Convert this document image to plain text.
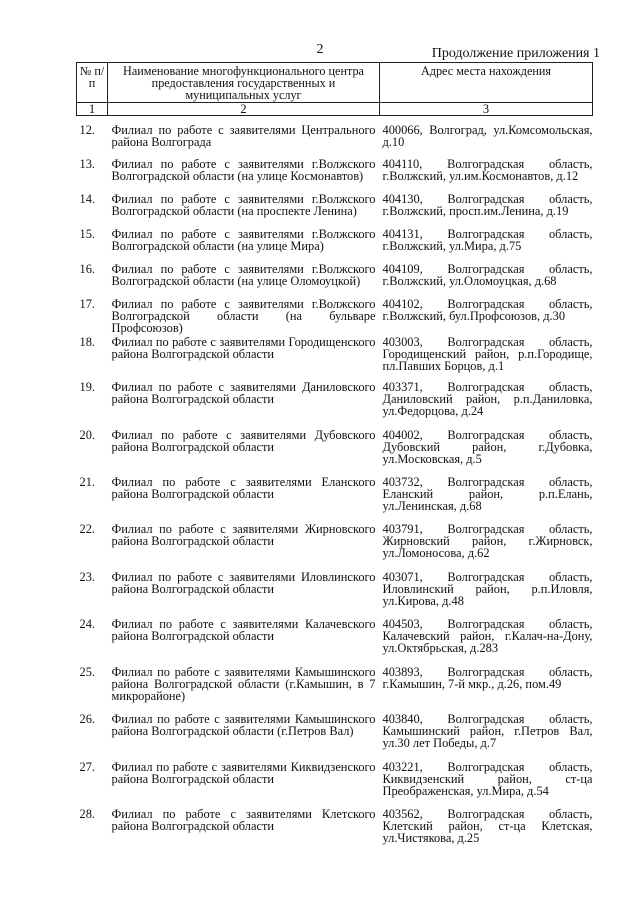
2	Продолжение приложения 1
№ п/п	Наименование многофункционального центра предоставления государственных и муниципальных услуг	Адрес места нахождения
1	2	3
12.	Филиал по работе с заявителями Центрального района Волгограда	400066, Волгоград, ул.Комсомольская, д.10
13.	Филиал по работе с заявителями г.Волжского Волгоградской области (на улице Космонавтов)	404110, Волгоградская область, г.Волжский, ул.им.Космонавтов, д.12
14.	Филиал по работе с заявителями г.Волжского Волгоградской области (на проспекте Ленина)	404130, Волгоградская область, г.Волжский, просп.им.Ленина, д.19
15.	Филиал по работе с заявителями г.Волжского Волгоградской области (на улице Мира)	404131, Волгоградская область, г.Волжский, ул.Мира, д.75
16.	Филиал по работе с заявителями г.Волжского Волгоградской области (на улице Оломоуцкой)	404109, Волгоградская область, г.Волжский, ул.Оломоуцкая, д.68
17.	Филиал по работе с заявителями г.Волжского Волгоградской области (на бульваре Профсоюзов)	404102, Волгоградская область, г.Волжский, бул.Профсоюзов, д.30
18.	Филиал по работе с заявителями Городищенского района Волгоградской области	403003, Волгоградская область, Городищенский район, р.п.Городище, пл.Павших Борцов, д.1
19.	Филиал по работе с заявителями Даниловского района Волгоградской области	403371, Волгоградская область, Даниловский район, р.п.Даниловка, ул.Федорцова, д.24
20.	Филиал по работе с заявителями Дубовского района Волгоградской области	404002, Волгоградская область, Дубовский район, г.Дубовка, ул.Московская, д.5
21.	Филиал по работе с заявителями Еланского района Волгоградской области	403732, Волгоградская область, Еланский район, р.п.Елань, ул.Ленинская, д.68
22.	Филиал по работе с заявителями Жирновского района Волгоградской области	403791, Волгоградская область, Жирновский район, г.Жирновск, ул.Ломоносова, д.62
23.	Филиал по работе с заявителями Иловлинского района Волгоградской области	403071, Волгоградская область, Иловлинский район, р.п.Иловля, ул.Кирова, д.48
24.	Филиал по работе с заявителями Калачевского района Волгоградской области	404503, Волгоградская область, Калачевский район, г.Калач-на-Дону, ул.Октябрьская, д.283
25.	Филиал по работе с заявителями Камышинского района Волгоградской области (г.Камышин, в 7 микрорайоне)	403893, Волгоградская область, г.Камышин, 7-й мкр., д.26, пом.49
26.	Филиал по работе с заявителями Камышинского района Волгоградской области (г.Петров Вал)	403840, Волгоградская область, Камышинский район, г.Петров Вал, ул.30 лет Победы, д.7
27.	Филиал по работе с заявителями Киквидзенского района Волгоградской области	403221, Волгоградская область, Киквидзенский район, ст-ца Преображенская, ул.Мира, д.54
28.	Филиал по работе с заявителями Клетского района Волгоградской области	403562, Волгоградская область, Клетский район, ст-ца Клетская, ул.Чистякова, д.25
